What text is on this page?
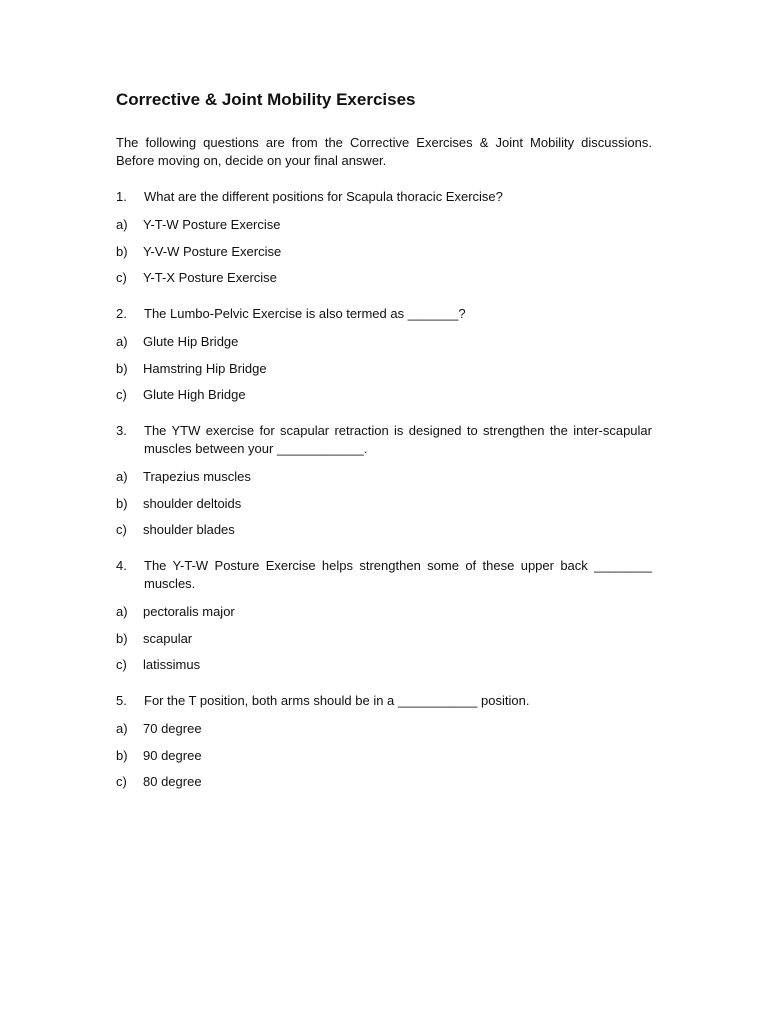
Corrective & Joint Mobility Exercises

The following questions are from the Corrective Exercises & Joint Mobility discussions. Before moving on, decide on your final answer.

1.	What are the different positions for Scapula thoracic Exercise?
a)	Y-T-W Posture Exercise
b)	Y-V-W Posture Exercise
c)	Y-T-X Posture Exercise
2.	The Lumbo-Pelvic Exercise is also termed as _______?
a)	Glute Hip Bridge
b)	Hamstring Hip Bridge
c)	Glute High Bridge
3.	The YTW exercise for scapular retraction is designed to strengthen the inter-scapular muscles between your ____________.
a)	Trapezius muscles
b)	shoulder deltoids
c)	shoulder blades
4.	The Y-T-W Posture Exercise helps strengthen some of these upper back ________ muscles.
a)	pectoralis major
b)	scapular
c)	latissimus
5.	For the T position, both arms should be in a ___________ position.
a)	70 degree
b)	90 degree
c)	80 degree
